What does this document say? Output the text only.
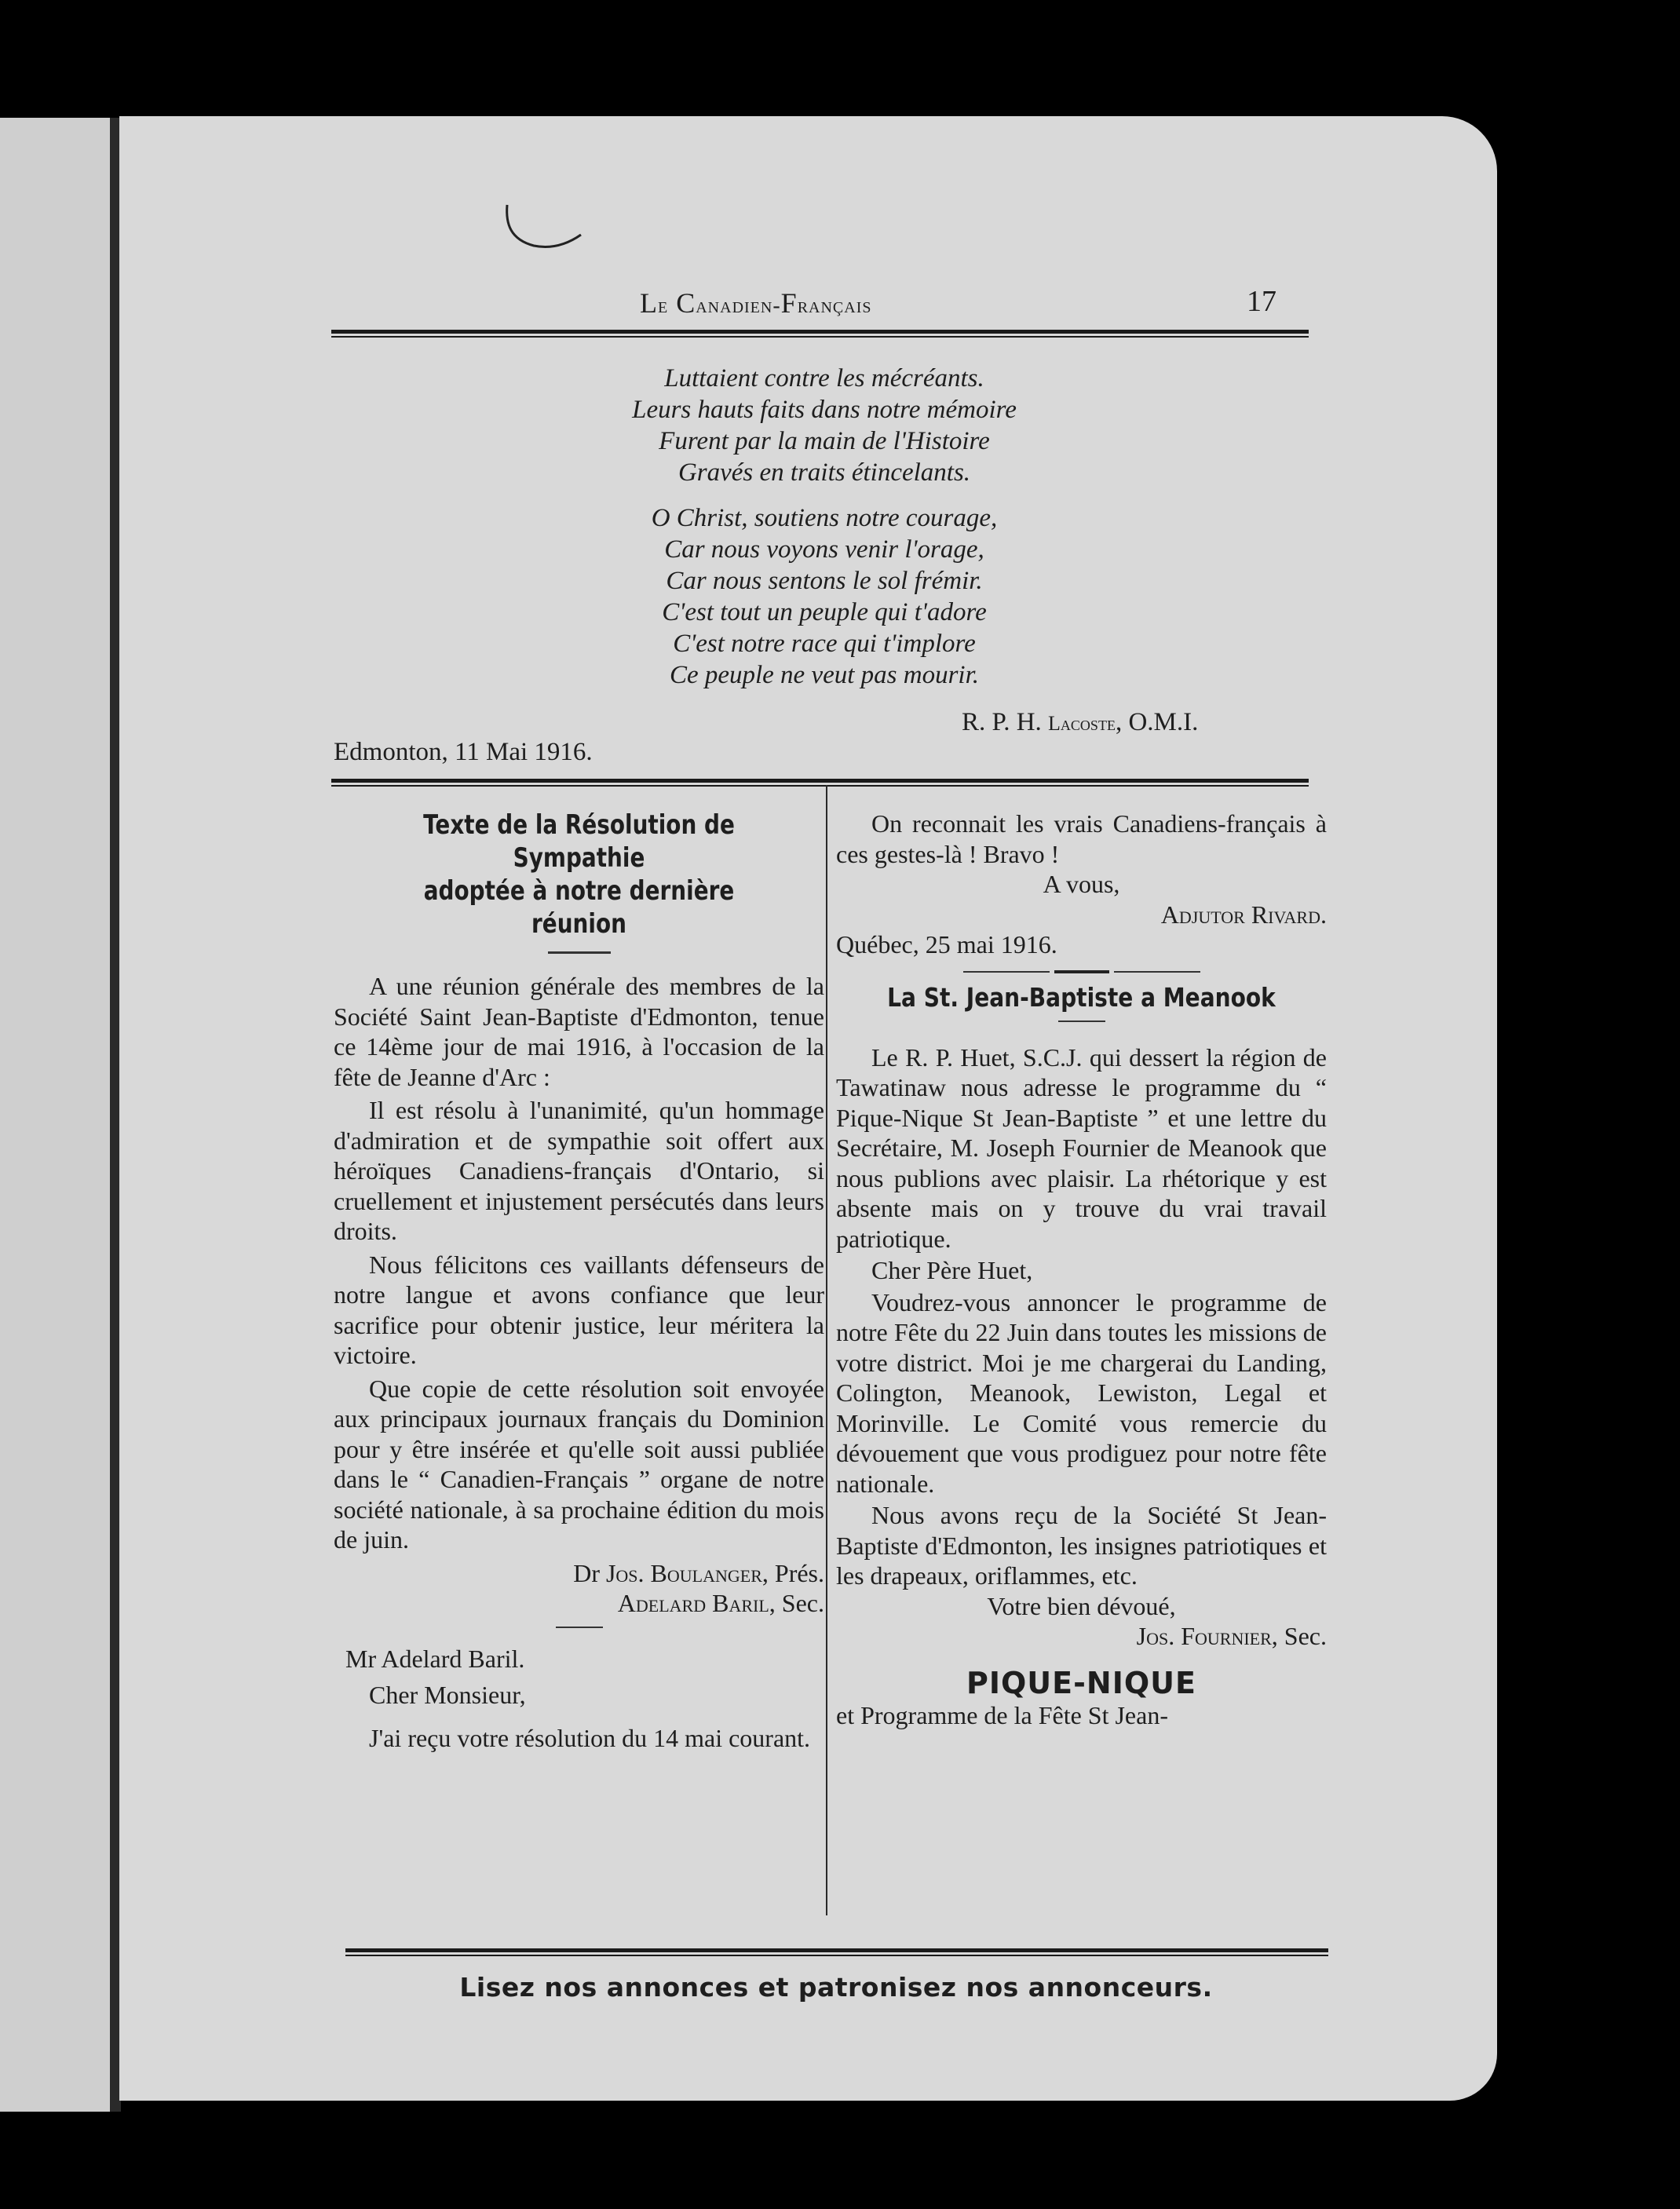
Le Canadien-Français	17
Luttaient contre les mécréants.
Leurs hauts faits dans notre mémoire
Furent par la main de l'Histoire
Gravés en traits étincelants.
O Christ, soutiens notre courage,
Car nous voyons venir l'orage,
Car nous sentons le sol frémir.
C'est tout un peuple qui t'adore
C'est notre race qui t'implore
Ce peuple ne veut pas mourir.
R. P. H. Lacoste, O.M.I.
Edmonton, 11 Mai 1916.
Texte de la Résolution de Sympathie
adoptée à notre dernière réunion

A une réunion générale des membres de la Société Saint Jean-Baptiste d'Edmonton, tenue ce 14ème jour de mai 1916, à l'occasion de la fête de Jeanne d'Arc :

Il est résolu à l'unanimité, qu'un hommage d'admiration et de sympathie soit offert aux héroïques Canadiens-français d'Ontario, si cruellement et injustement persécutés dans leurs droits.

Nous félicitons ces vaillants défenseurs de notre langue et avons confiance que leur sacrifice pour obtenir justice, leur méritera la victoire.

Que copie de cette résolution soit envoyée aux principaux journaux français du Dominion pour y être insérée et qu'elle soit aussi publiée dans le “ Canadien-Français ” organe de notre société nationale, à sa prochaine édition du mois de juin.

Dr Jos. Boulanger, Prés.
Adelard Baril, Sec.

Mr Adelard Baril.

Cher Monsieur,

J'ai reçu votre résolution du 14 mai courant.

On reconnait les vrais Canadiens-français à ces gestes-là ! Bravo !

A vous,
Adjutor Rivard.

Québec, 25 mai 1916.

La St. Jean-Baptiste a Meanook

Le R. P. Huet, S.C.J. qui dessert la région de Tawatinaw nous adresse le programme du “ Pique-Nique St Jean-Baptiste ” et une lettre du Secrétaire, M. Joseph Fournier de Meanook que nous publions avec plaisir. La rhétorique y est absente mais on y trouve du vrai travail patriotique.

Cher Père Huet,

Voudrez-vous annoncer le programme de notre Fête du 22 Juin dans toutes les missions de votre district. Moi je me chargerai du Landing, Colington, Meanook, Lewiston, Legal et Morinville. Le Comité vous remercie du dévouement que vous prodiguez pour notre fête nationale.

Nous avons reçu de la Société St Jean-Baptiste d'Edmonton, les insignes patriotiques et les drapeaux, oriflammes, etc.

Votre bien dévoué,
Jos. Fournier, Sec.
PIQUE-NIQUE

et Programme de la Fête St Jean-

Lisez nos annonces et patronisez nos annonceurs.
